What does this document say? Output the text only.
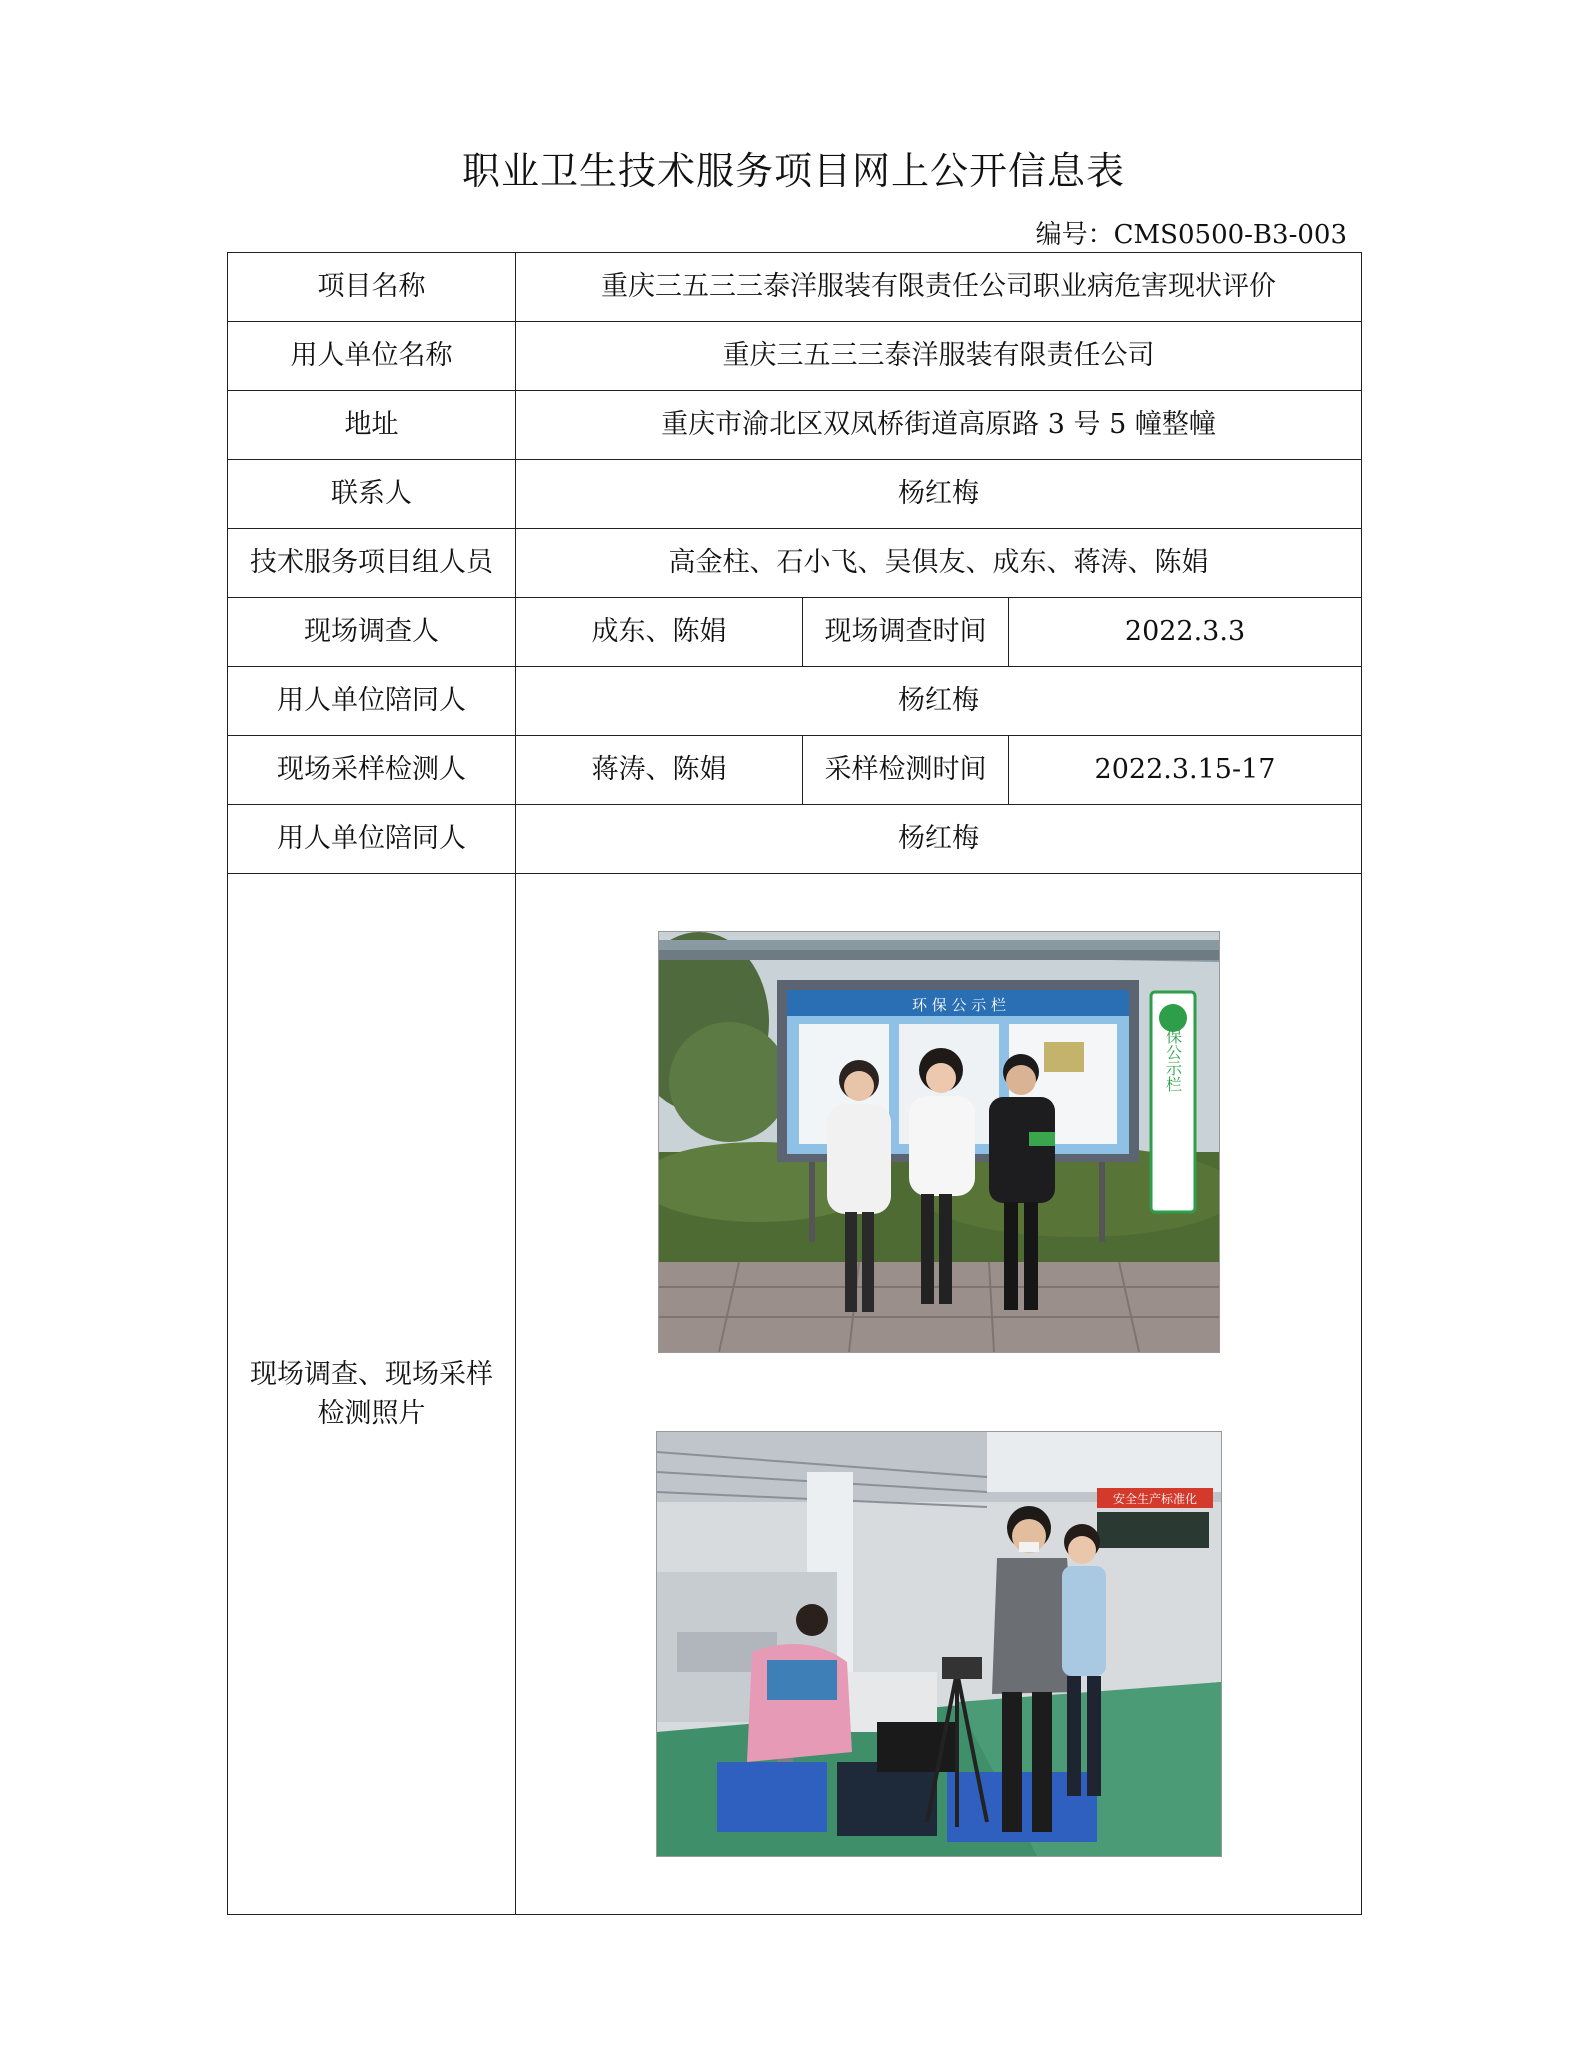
职业卫生技术服务项目网上公开信息表
编号：CMS0500-B3-003
项目名称	重庆三五三三泰洋服装有限责任公司职业病危害现状评价		
用人单位名称	重庆三五三三泰洋服装有限责任公司		
地址	重庆市渝北区双凤桥街道高原路 3 号 5 幢整幢		
联系人	杨红梅		
技术服务项目组人员	高金柱、石小飞、吴俱友、成东、蒋涛、陈娟		
现场调查人	成东、陈娟	现场调查时间	2022.3.3
用人单位陪同人	杨红梅		
现场采样检测人	蒋涛、陈娟	采样检测时间	2022.3.15-17
用人单位陪同人	杨红梅		
现场调查、现场采样检测照片	环 保 公 示 栏
环保公示栏
安全生产标准化		
